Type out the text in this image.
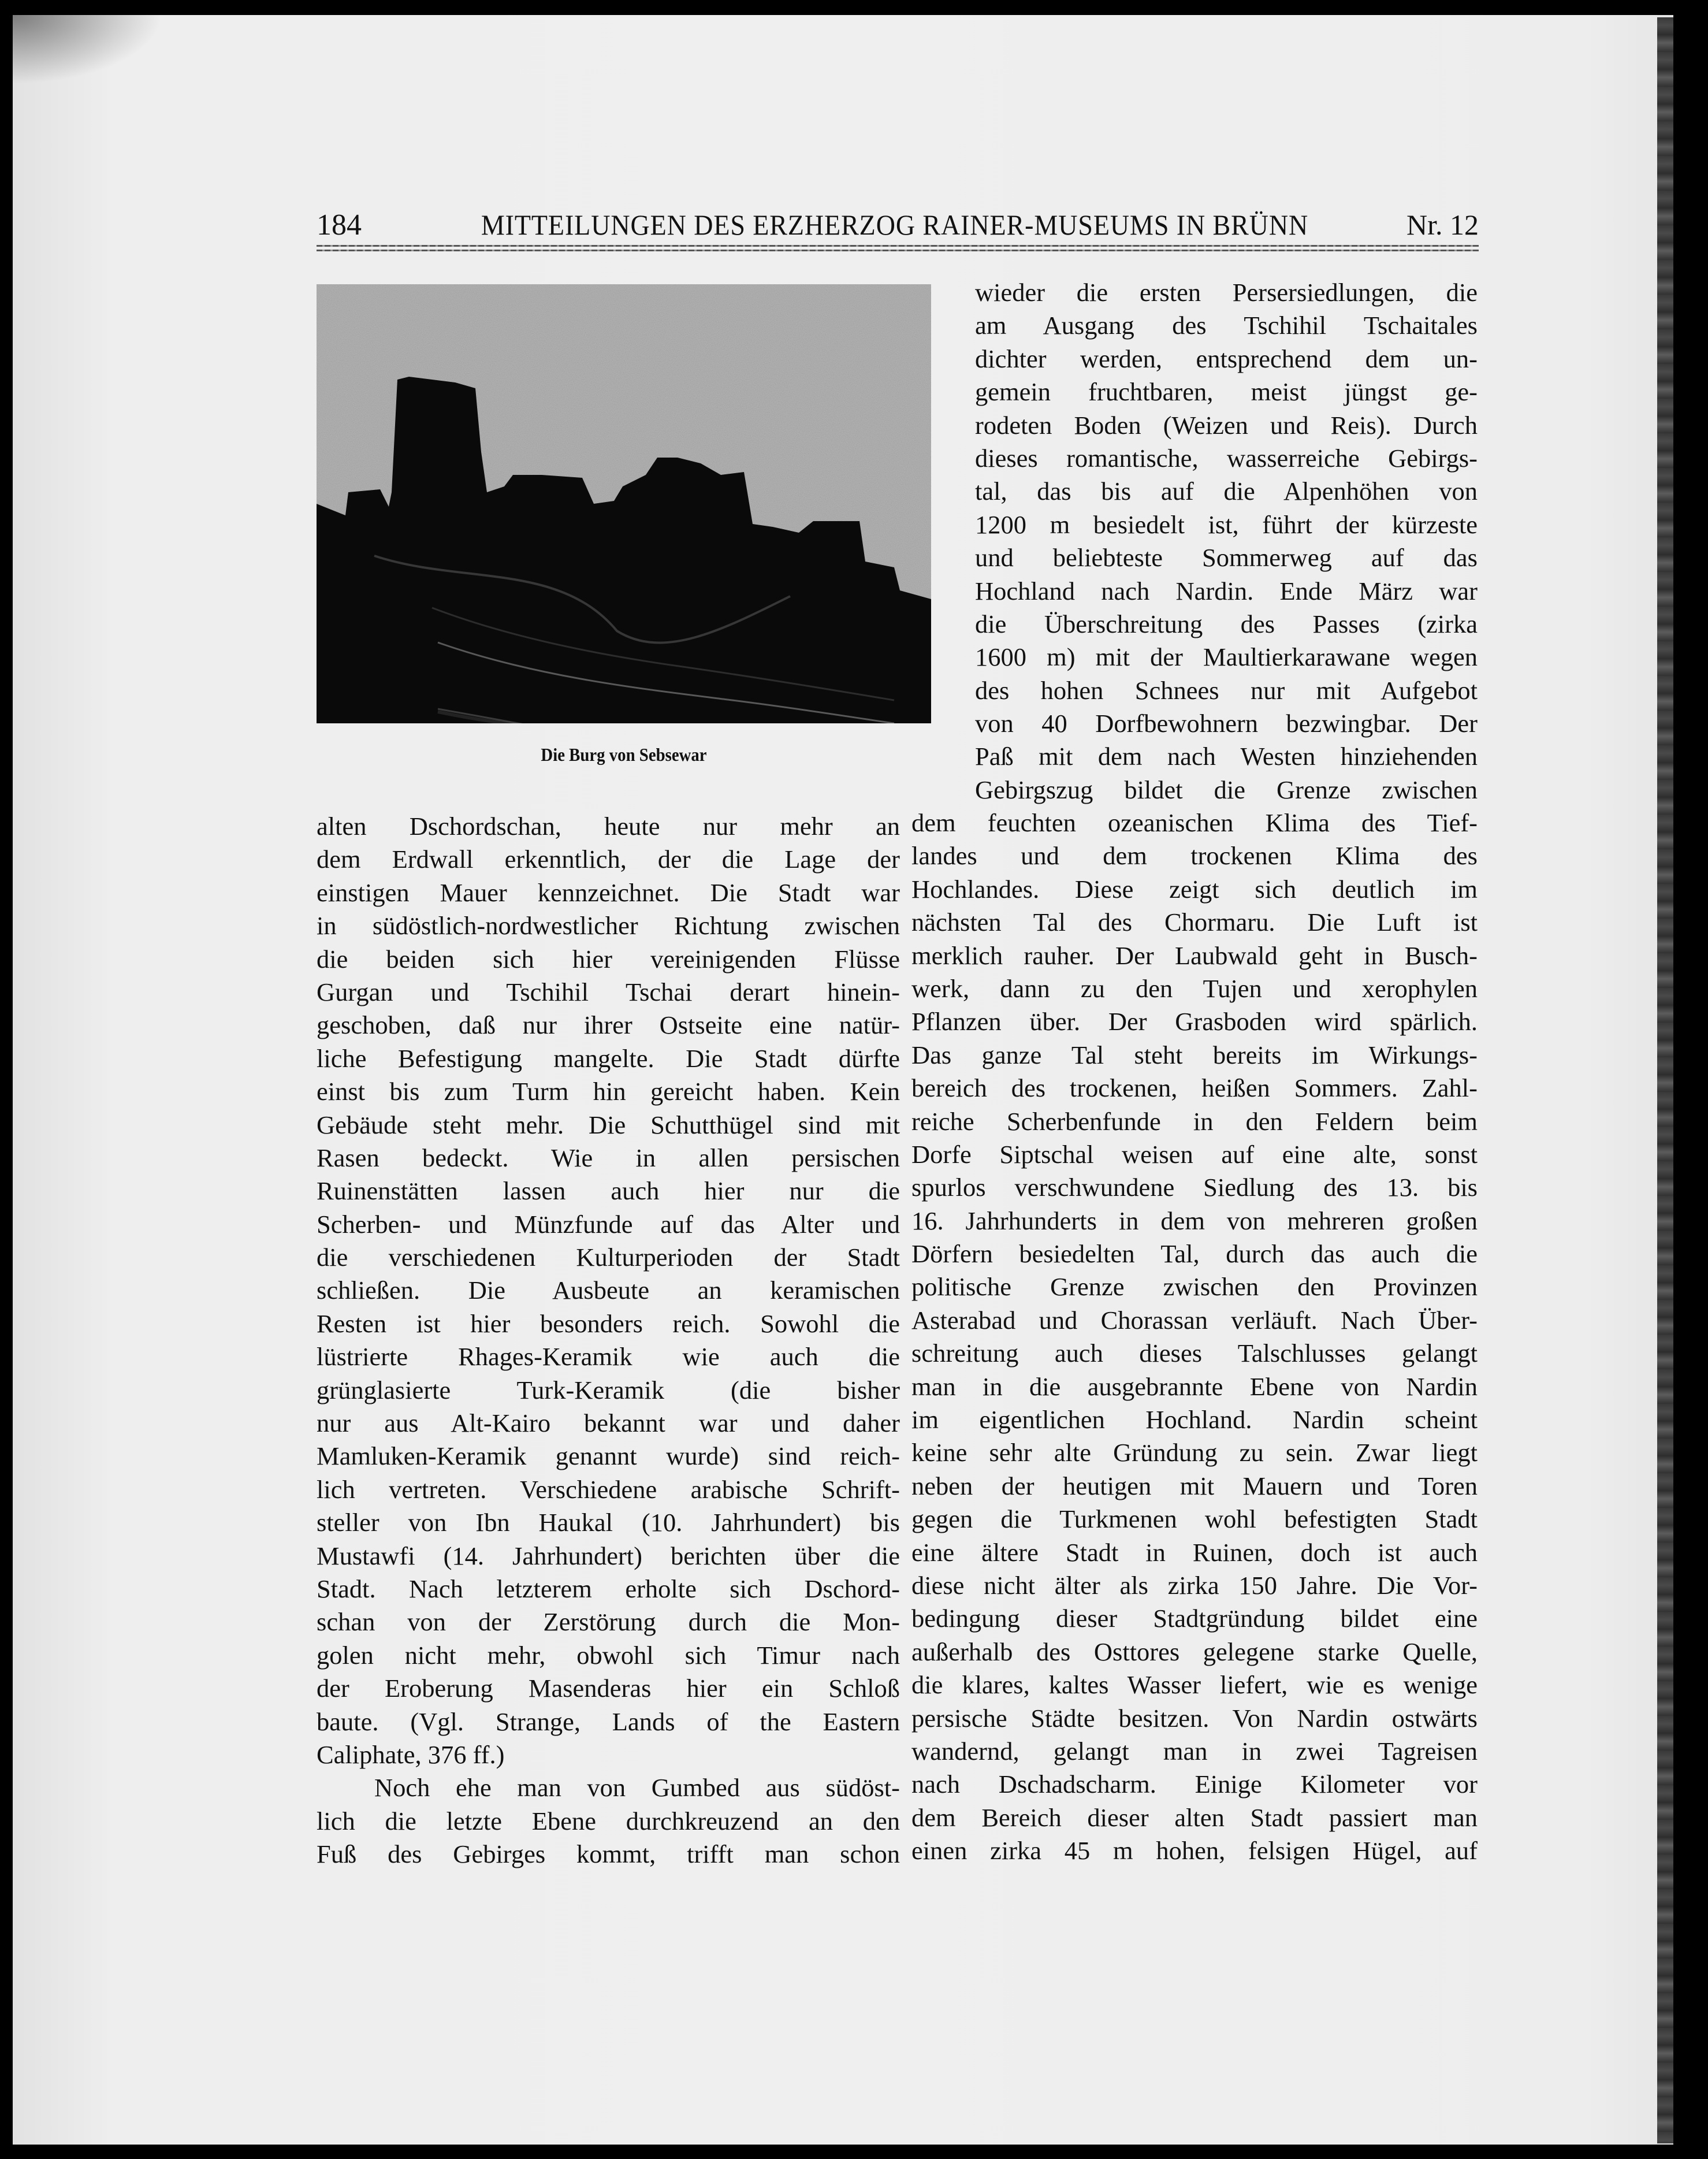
184	MITTEILUNGEN DES ERZHERZOG RAINER-MUSEUMS IN BRÜNN	Nr. 12
Die Burg von Sebsewar
wieder die ersten Persersiedlungen, die
am Ausgang des Tschihil Tschaitales
dichter werden, entsprechend dem un-
gemein fruchtbaren, meist jüngst ge-
rodeten Boden (Weizen und Reis). Durch
dieses romantische, wasserreiche Gebirgs-
tal, das bis auf die Alpenhöhen von
1200 m besiedelt ist, führt der kürzeste
und beliebteste Sommerweg auf das
Hochland nach Nardin. Ende März war
die Überschreitung des Passes (zirka
1600 m) mit der Maultierkarawane wegen
des hohen Schnees nur mit Aufgebot
von 40 Dorfbewohnern bezwingbar. Der
Paß mit dem nach Westen hinziehenden
Gebirgszug bildet die Grenze zwischen
alten Dschordschan, heute nur mehr an
dem Erdwall erkenntlich, der die Lage der
einstigen Mauer kennzeichnet. Die Stadt war
in südöstlich-nordwestlicher Richtung zwischen
die beiden sich hier vereinigenden Flüsse
Gurgan und Tschihil Tschai derart hinein-
geschoben, daß nur ihrer Ostseite eine natür-
liche Befestigung mangelte. Die Stadt dürfte
einst bis zum Turm hin gereicht haben. Kein
Gebäude steht mehr. Die Schutthügel sind mit
Rasen bedeckt. Wie in allen persischen
Ruinenstätten lassen auch hier nur die
Scherben- und Münzfunde auf das Alter und
die verschiedenen Kulturperioden der Stadt
schließen. Die Ausbeute an keramischen
Resten ist hier besonders reich. Sowohl die
lüstrierte Rhages-Keramik wie auch die
grünglasierte Turk-Keramik (die bisher
nur aus Alt-Kairo bekannt war und daher
Mamluken-Keramik genannt wurde) sind reich-
lich vertreten. Verschiedene arabische Schrift-
steller von Ibn Haukal (10. Jahrhundert) bis
Mustawfi (14. Jahrhundert) berichten über die
Stadt. Nach letzterem erholte sich Dschord-
schan von der Zerstörung durch die Mon-
golen nicht mehr, obwohl sich Timur nach
der Eroberung Masenderas hier ein Schloß
baute. (Vgl. Strange, Lands of the Eastern
Caliphate, 376 ff.)
Noch ehe man von Gumbed aus südöst-
lich die letzte Ebene durchkreuzend an den
Fuß des Gebirges kommt, trifft man schon
dem feuchten ozeanischen Klima des Tief-
landes und dem trockenen Klima des
Hochlandes. Diese zeigt sich deutlich im
nächsten Tal des Chormaru. Die Luft ist
merklich rauher. Der Laubwald geht in Busch-
werk, dann zu den Tujen und xerophylen
Pflanzen über. Der Grasboden wird spärlich.
Das ganze Tal steht bereits im Wirkungs-
bereich des trockenen, heißen Sommers. Zahl-
reiche Scherbenfunde in den Feldern beim
Dorfe Siptschal weisen auf eine alte, sonst
spurlos verschwundene Siedlung des 13. bis
16. Jahrhunderts in dem von mehreren großen
Dörfern besiedelten Tal, durch das auch die
politische Grenze zwischen den Provinzen
Asterabad und Chorassan verläuft. Nach Über-
schreitung auch dieses Talschlusses gelangt
man in die ausgebrannte Ebene von Nardin
im eigentlichen Hochland. Nardin scheint
keine sehr alte Gründung zu sein. Zwar liegt
neben der heutigen mit Mauern und Toren
gegen die Turkmenen wohl befestigten Stadt
eine ältere Stadt in Ruinen, doch ist auch
diese nicht älter als zirka 150 Jahre. Die Vor-
bedingung dieser Stadtgründung bildet eine
außerhalb des Osttores gelegene starke Quelle,
die klares, kaltes Wasser liefert, wie es wenige
persische Städte besitzen. Von Nardin ostwärts
wandernd, gelangt man in zwei Tagreisen
nach Dschadscharm. Einige Kilometer vor
dem Bereich dieser alten Stadt passiert man
einen zirka 45 m hohen, felsigen Hügel, auf
